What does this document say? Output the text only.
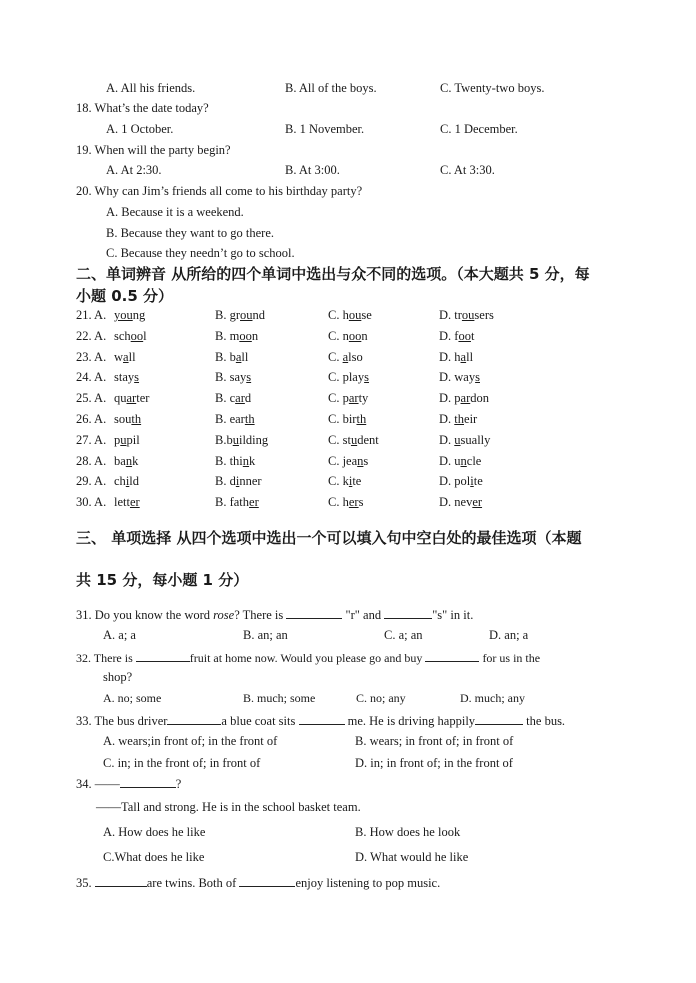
A. All his friends.	B. All of the boys.	C. Twenty-two boys.
18. What’s the date today?
A. 1 October.	B. 1 November.	C. 1 December.
19. When will the party begin?
A. At 2:30.	B. At 3:00.	C. At 3:30.
20. Why can Jim’s friends all come to his birthday party?
A. Because it is a weekend.
B. Because they want to go there.
C. Because they needn’t go to school.
二、单词辨音 从所给的四个单词中选出与众不同的选项。（本大题共 5 分，每
小题 0.5 分）
21. A. young	B. ground	C. house	D. trousers
22. A. school	B. moon	C. noon	D. foot
23. A. wall	B. ball	C. also	D. hall
24. A. stays	B. says	C. plays	D. ways
25. A. quarter	B. card	C. party	D. pardon
26. A. south	B. earth	C. birth	D. their
27. A. pupil	B.building	C. student	D. usually
28. A. bank	B. think	C. jeans	D. uncle
29. A. child	B. dinner	C. kite	D. polite
30. A. letter	B. father	C. hers	D. never
三、 单项选择 从四个选项中选出一个可以填入句中空白处的最佳选项（本题
共 15 分，每小题 1 分）
31. Do you know the word rose? There is	"r" and	"s" in it.
A. a; a	B. an; an	C. a; an	D. an; a
32. There is	fruit at home now. Would you please go and buy	for us in the
shop?
A. no; some	B. much; some	C. no; any	D. much; any
33. The bus driver	a blue coat sits	me. He is driving happily	the bus.
A. wears;in front of; in the front of	B. wears; in front of; in front of
C. in; in the front of; in front of	D. in; in front of; in the front of
34. ——	?
——Tall and strong. He is in the school basket team.
A. How does he like	B. How does he look
C.What does he like	D. What would he like
35.	are twins. Both of	enjoy listening to pop music.
